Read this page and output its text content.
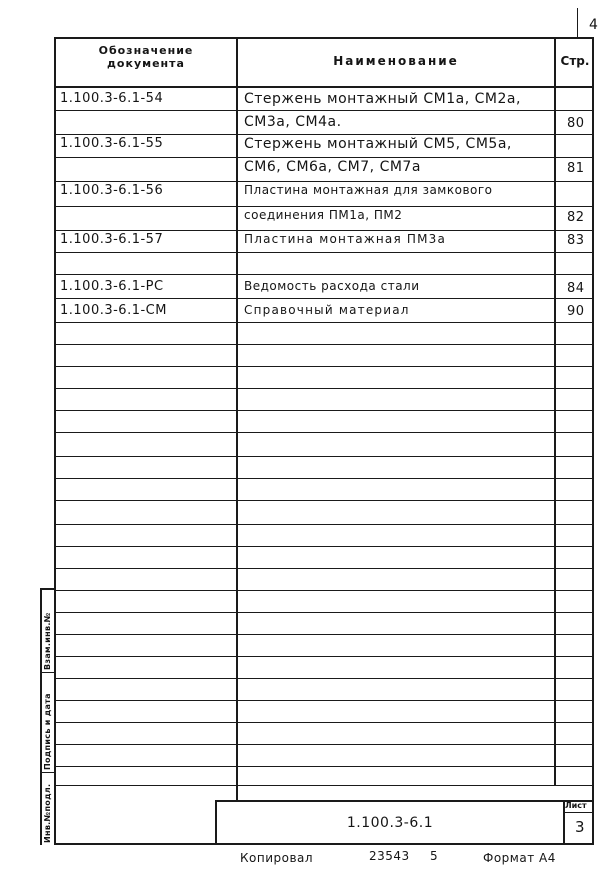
4
Обозначение документа	Наименование	Стр.
1.100.3-6.1-54	Стержень монтажный СМ1а, СМ2а,
СМ3а, СМ4а.	80
1.100.3-6.1-55	Стержень монтажный СМ5, СМ5а,
СМ6, СМ6а, СМ7, СМ7а	81
1.100.3-6.1-56	Пластина монтажная для замкового
соединения ПМ1а, ПМ2	82
1.100.3-6.1-57	Пластина монтажная ПМ3а	83
1.100.3-6.1-РС	Ведомость расхода стали	84
1.100.3-6.1-СМ	Справочный материал	90
Взам.инв.№
Подпись и дата
Инв.№подл.	1.100.3-6.1
Лист
3
Копировал	23543 5	Формат А4
